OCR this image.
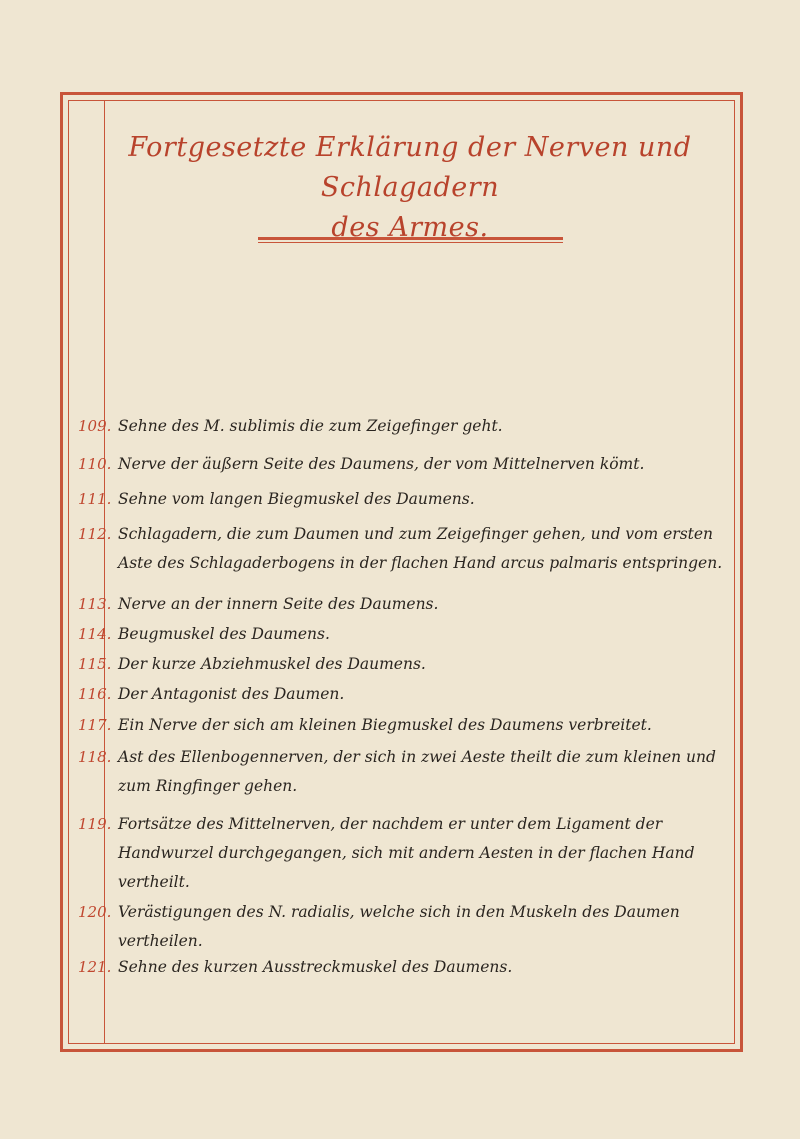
Fortgesetzte Erklärung der Nerven und Schlagadern
des Armes.
109. Sehne des M. sublimis die zum Zeigefinger geht.
110. Nerve der äußern Seite des Daumens, der vom Mittelnerven kömt.
111. Sehne vom langen Biegmuskel des Daumens.
112. Schlagadern, die zum Daumen und zum Zeigefinger gehen, und vom ersten Aste des Schlagaderbogens in der flachen Hand arcus palmaris entspringen.
113. Nerve an der innern Seite des Daumens.
114. Beugmuskel des Daumens.
115. Der kurze Abziehmuskel des Daumens.
116. Der Antagonist des Daumen.
117. Ein Nerve der sich am kleinen Biegmuskel des Daumens verbreitet.
118. Ast des Ellenbogennerven, der sich in zwei Aeste theilt die zum kleinen und zum Ringfinger gehen.
119. Fortsätze des Mittelnerven, der nachdem er unter dem Ligament der Handwurzel durchgegangen, sich mit andern Aesten in der flachen Hand vertheilt.
120. Verästigungen des N. radialis, welche sich in den Muskeln des Daumen vertheilen.
121. Sehne des kurzen Ausstreckmuskel des Daumens.
